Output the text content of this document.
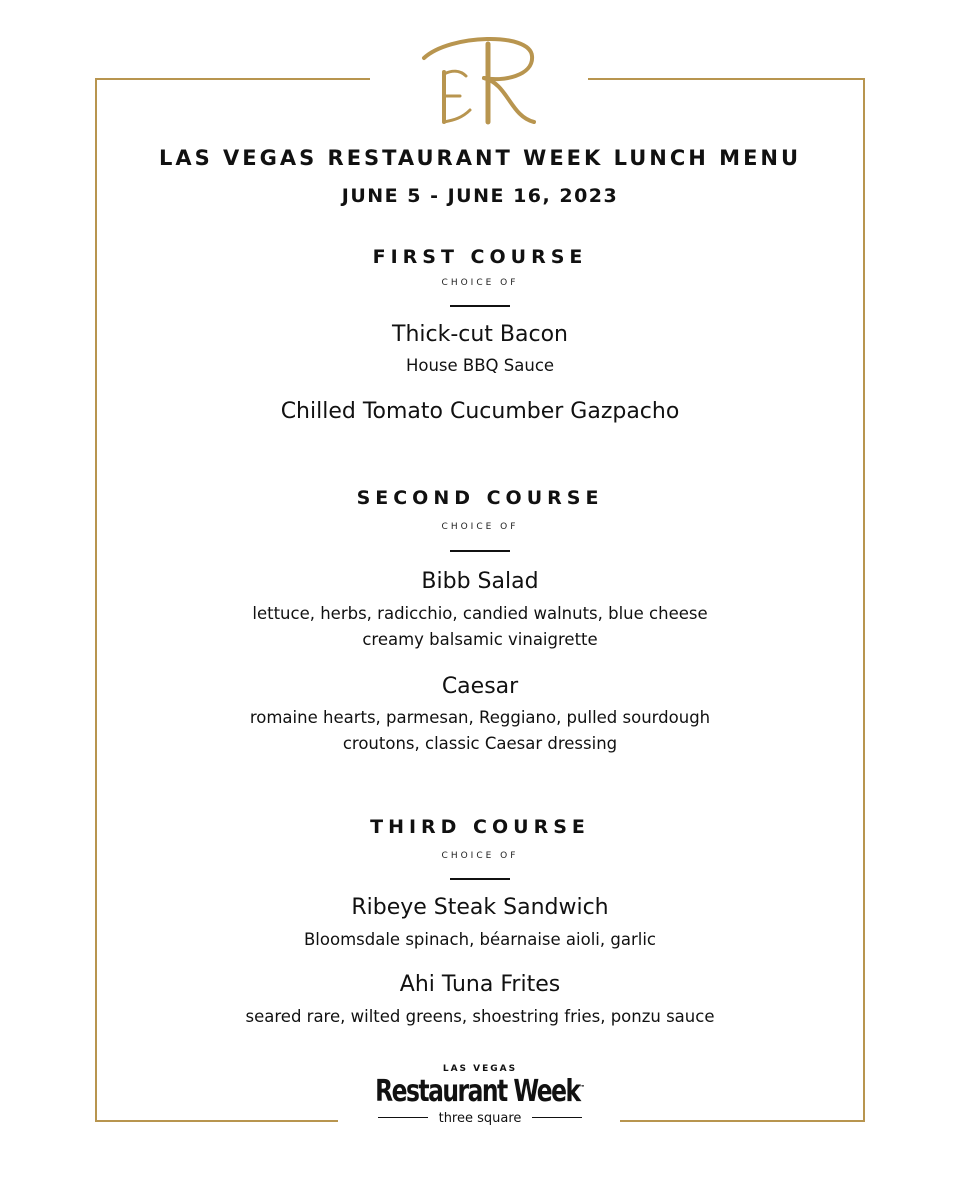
LAS VEGAS RESTAURANT WEEK LUNCH MENU
JUNE 5 - JUNE 16, 2023
FIRST COURSE
CHOICE OF
Thick-cut Bacon
House BBQ Sauce
Chilled Tomato Cucumber Gazpacho
SECOND COURSE
CHOICE OF
Bibb Salad
lettuce, herbs, radicchio, candied walnuts, blue cheese
creamy balsamic vinaigrette
Caesar
romaine hearts, parmesan, Reggiano, pulled sourdough
croutons, classic Caesar dressing
THIRD COURSE
CHOICE OF
Ribeye Steak Sandwich
Bloomsdale spinach, béarnaise aioli, garlic
Ahi Tuna Frites
seared rare, wilted greens, shoestring fries, ponzu sauce
LAS VEGAS
Restaurant Week™
three square
